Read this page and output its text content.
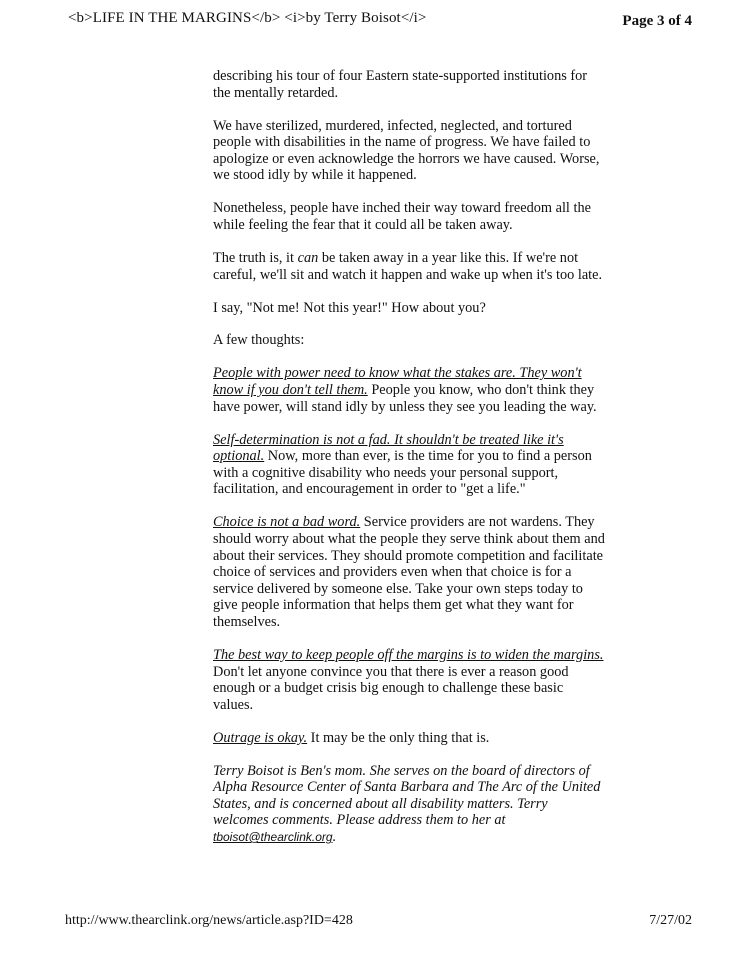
<b>LIFE IN THE MARGINS</b> <i>by Terry Boisot</i>	Page 3 of 4

describing his tour of four Eastern state-supported institutions for the mentally retarded.

We have sterilized, murdered, infected, neglected, and tortured people with disabilities in the name of progress. We have failed to apologize or even acknowledge the horrors we have caused. Worse, we stood idly by while it happened.

Nonetheless, people have inched their way toward freedom all the while feeling the fear that it could all be taken away.

The truth is, it can be taken away in a year like this. If we're not careful, we'll sit and watch it happen and wake up when it's too late.

I say, "Not me! Not this year!" How about you?

A few thoughts:

People with power need to know what the stakes are. They won't know if you don't tell them. People you know, who don't think they have power, will stand idly by unless they see you leading the way.

Self-determination is not a fad. It shouldn't be treated like it's optional. Now, more than ever, is the time for you to find a person with a cognitive disability who needs your personal support, facilitation, and encouragement in order to "get a life."

Choice is not a bad word. Service providers are not wardens. They should worry about what the people they serve think about them and about their services. They should promote competition and facilitate choice of services and providers even when that choice is for a service delivered by someone else. Take your own steps today to give people information that helps them get what they want for themselves.

The best way to keep people off the margins is to widen the margins. Don't let anyone convince you that there is ever a reason good enough or a budget crisis big enough to challenge these basic values.

Outrage is okay. It may be the only thing that is.

Terry Boisot is Ben's mom. She serves on the board of directors of Alpha Resource Center of Santa Barbara and The Arc of the United States, and is concerned about all disability matters. Terry welcomes comments. Please address them to her at tboisot@thearclink.org.

http://www.thearclink.org/news/article.asp?ID=428	7/27/02
